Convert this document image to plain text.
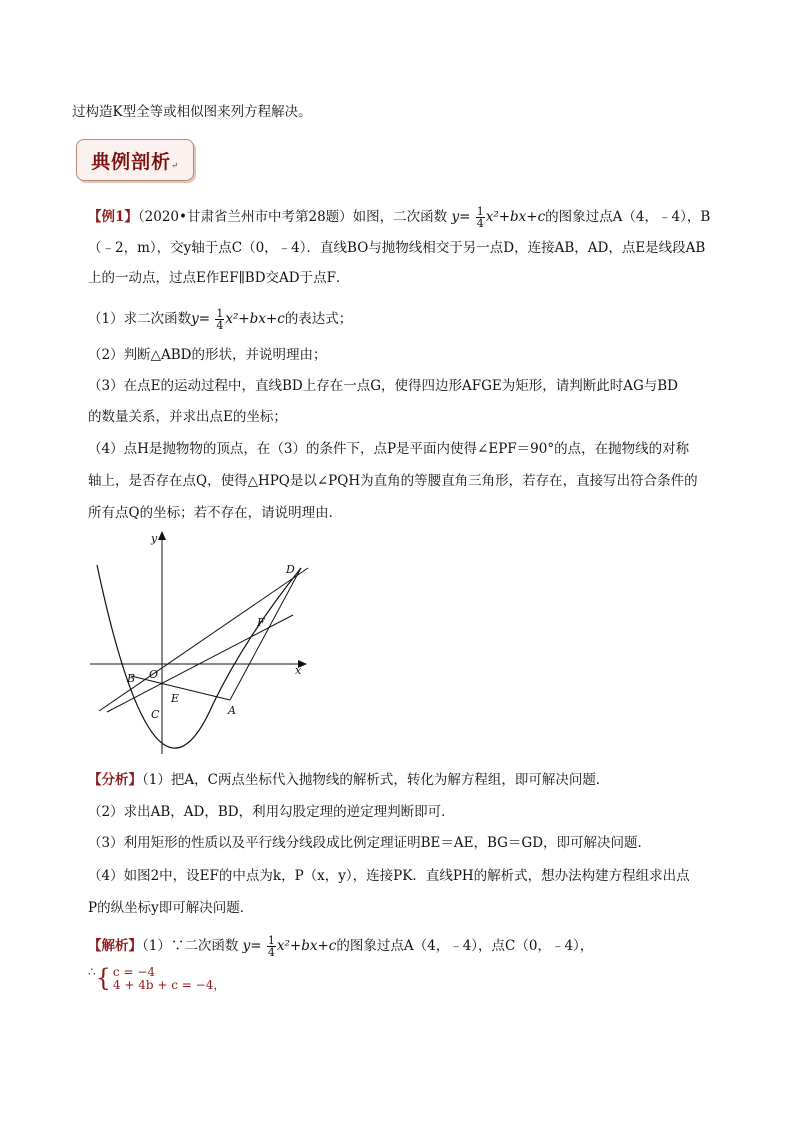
过构造K型全等或相似图来列方程解决。
典例剖析↵
【例1】（2020•甘肃省兰州市中考第28题）如图，二次函数 $y= \frac{1}{4} x^2+bx+c$的图象过点A（4，﹣4），B
（﹣2，m），交y轴于点C（0，﹣4）．直线BO与抛物线相交于另一点D，连接AB，AD，点E是线段AB
上的一动点，过点E作EF∥BD交AD于点F．
（1）求二次函数$y= \frac{1}{4} x^2+bx+c$的表达式；
（2）判断△ABD的形状，并说明理由；
（3）在点E的运动过程中，直线BD上存在一点G，使得四边形AFGE为矩形，请判断此时AG与BD
的数量关系，并求出点E的坐标；
（4）点H是抛物物的顶点，在（3）的条件下，点P是平面内使得∠EPF＝90°的点，在抛物线的对称
轴上，是否存在点Q，使得△HPQ是以∠PQH为直角的等腰直角三角形，若存在，直接写出符合条件的
所有点Q的坐标；若不存在，请说明理由．
y
x
O
B
C
E
A
F
D
【分析】（1）把A，C两点坐标代入抛物线的解析式，转化为解方程组，即可解决问题．
（2）求出AB，AD，BD，利用勾股定理的逆定理判断即可．
（3）利用矩形的性质以及平行线分线段成比例定理证明BE＝AE，BG＝GD，即可解决问题．
（4）如图2中，设EF的中点为k，P（x，y），连接PK．直线PH的解析式，想办法构建方程组求出点
P的纵坐标y即可解决问题．
【解析】（1）∵二次函数 $y= \frac{1}{4} x^2+bx+c$的图象过点A（4，﹣4），点C（0，﹣4），
∴{ c = −4
4 + 4b + c = −4，
